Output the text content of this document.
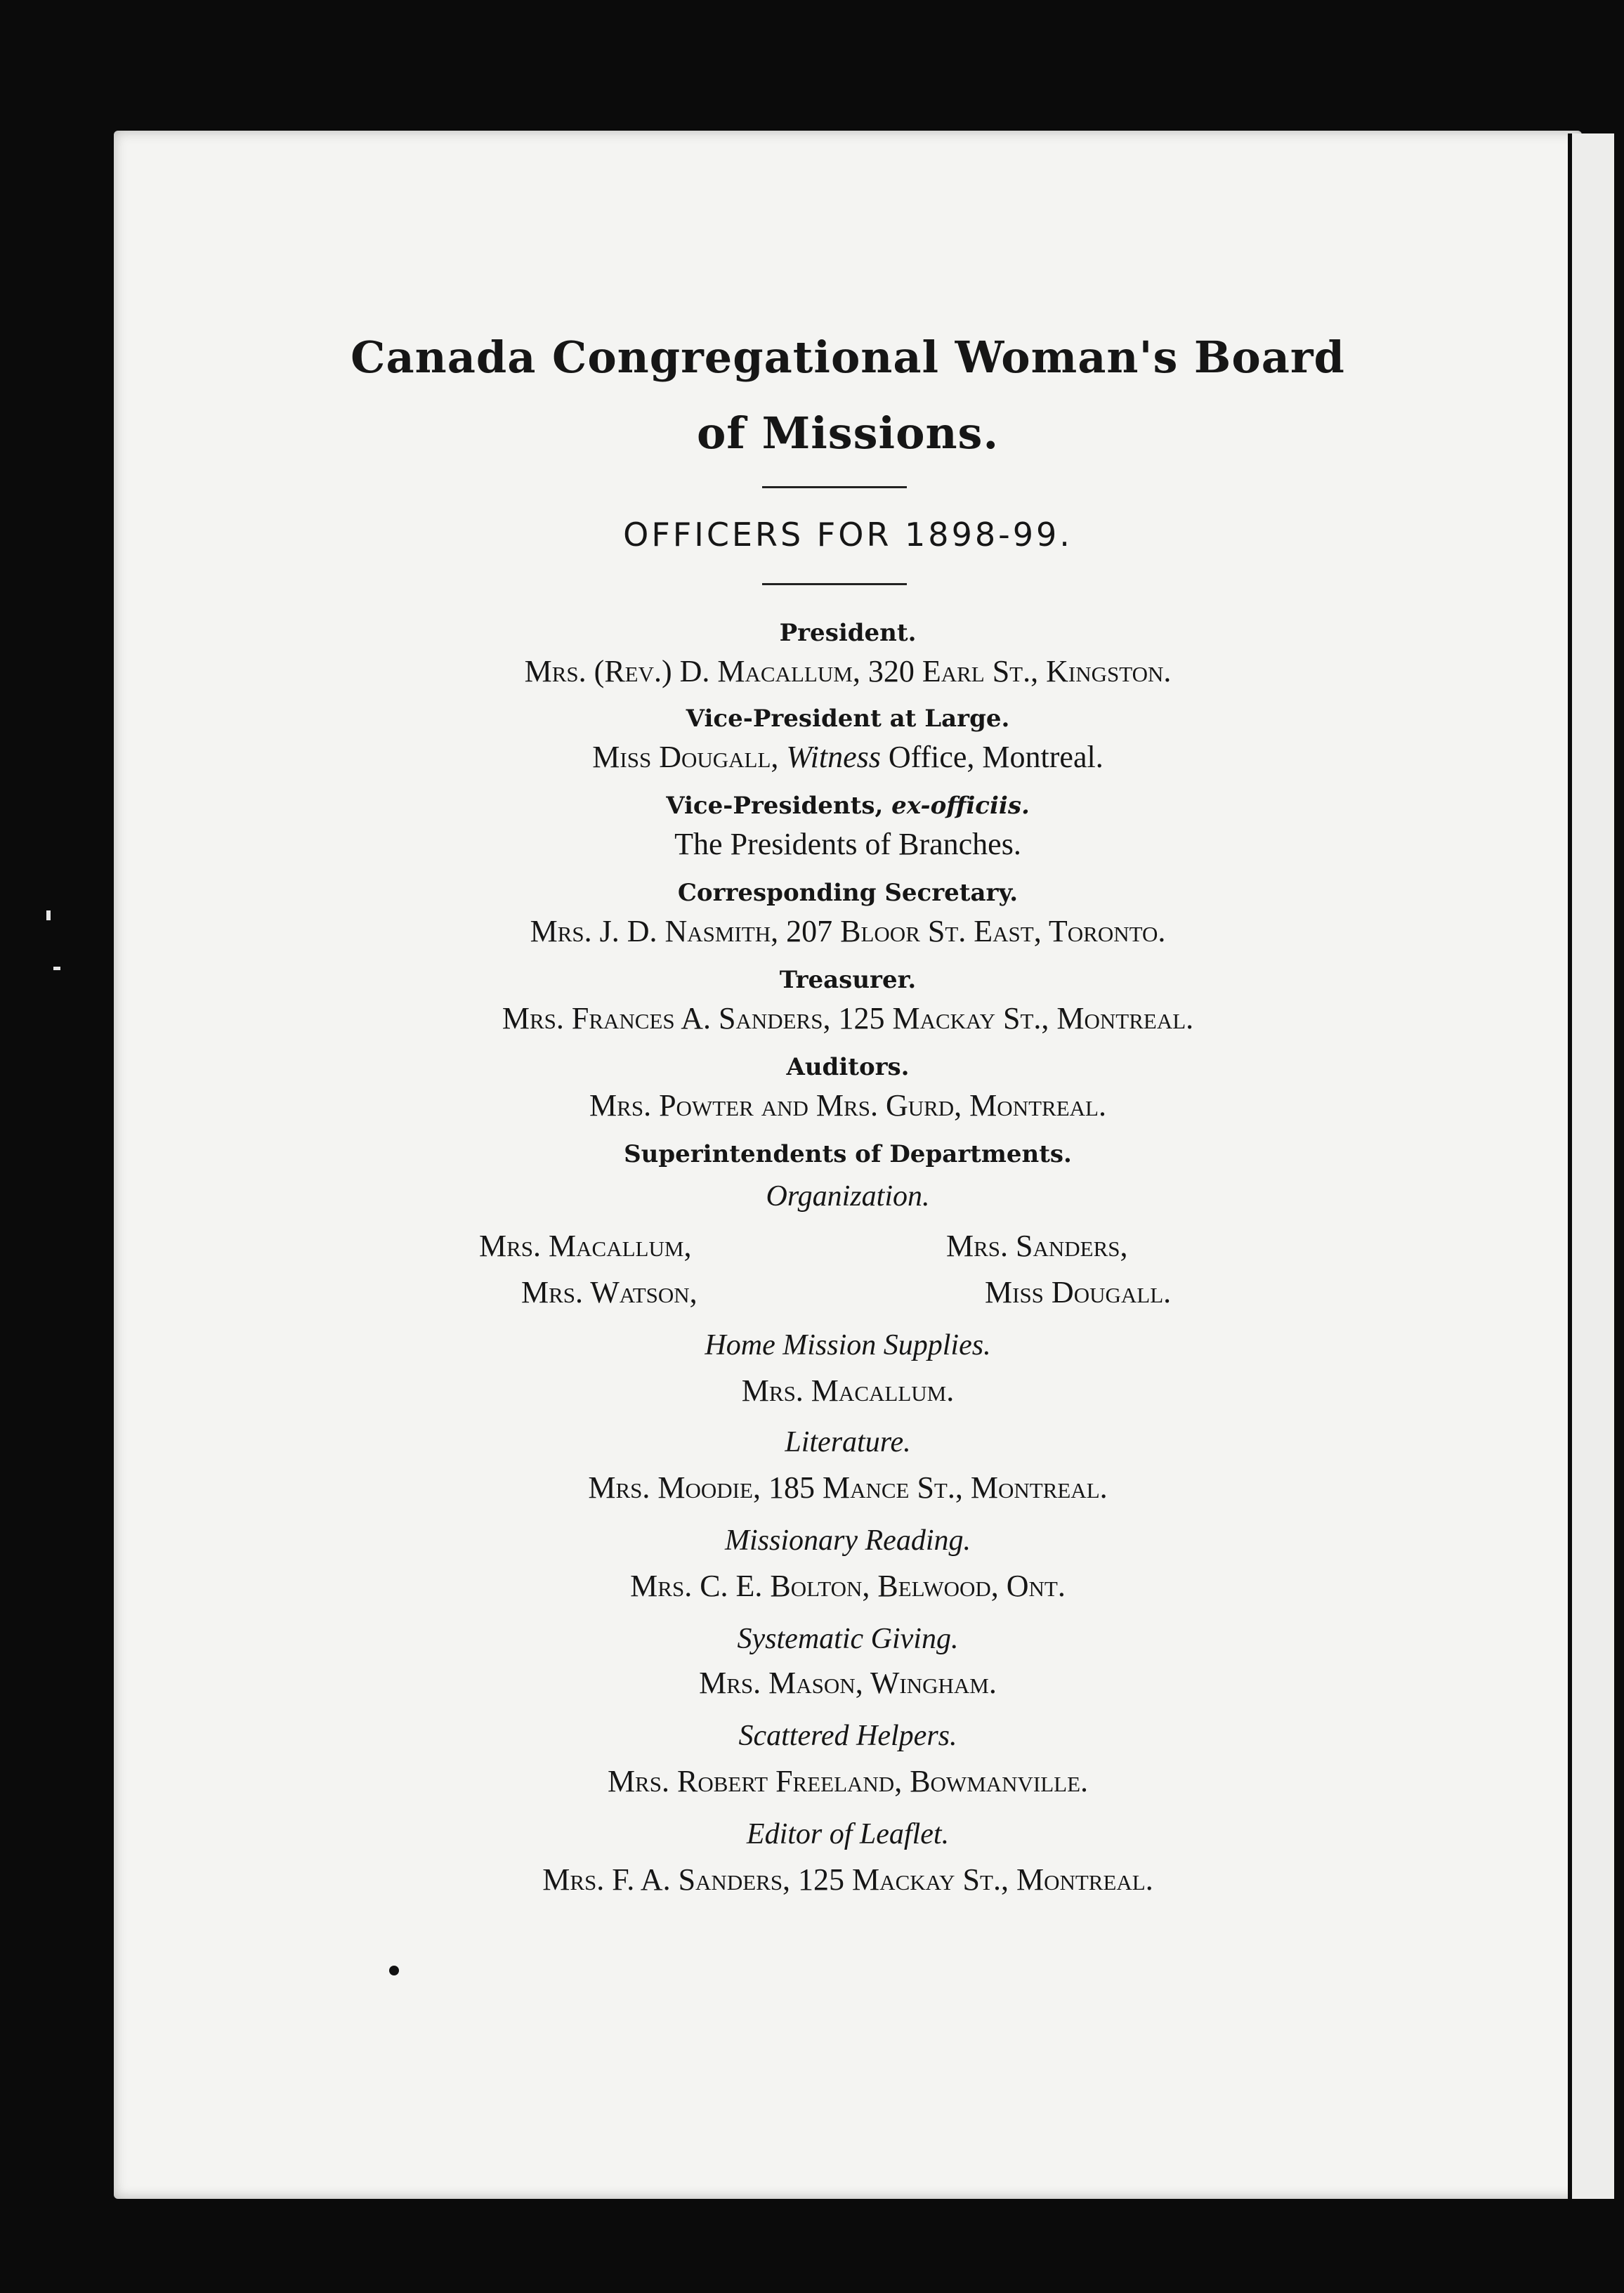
Canada Congregational Woman's Board
of Missions.
OFFICERS FOR 1898-99.
President.
Mrs. (Rev.) D. Macallum, 320 Earl St., Kingston.
Vice-President at Large.
Miss Dougall, Witness Office, Montreal.
Vice-Presidents, ex-officiis.
The Presidents of Branches.
Corresponding Secretary.
Mrs. J. D. Nasmith, 207 Bloor St. East, Toronto.
Treasurer.
Mrs. Frances A. Sanders, 125 Mackay St., Montreal.
Auditors.
Mrs. Powter and Mrs. Gurd, Montreal.
Superintendents of Departments.
Organization.
Mrs. Macallum,	Mrs. Sanders,
Mrs. Watson,	Miss Dougall.
Home Mission Supplies.
Mrs. Macallum.
Literature.
Mrs. Moodie, 185 Mance St., Montreal.
Missionary Reading.
Mrs. C. E. Bolton, Belwood, Ont.
Systematic Giving.
Mrs. Mason, Wingham.
Scattered Helpers.
Mrs. Robert Freeland, Bowmanville.
Editor of Leaflet.
Mrs. F. A. Sanders, 125 Mackay St., Montreal.
